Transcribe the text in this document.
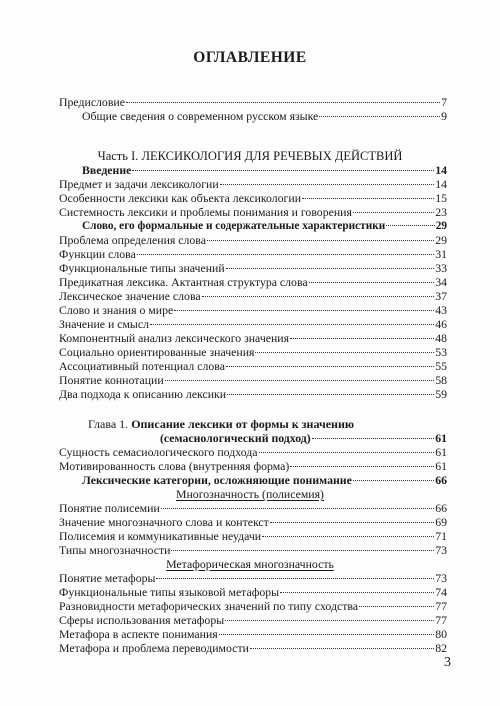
ОГЛАВЛЕНИЕ
Предисловие	7
Общие сведения о современном русском языке	9
Часть I. ЛЕКСИКОЛОГИЯ ДЛЯ РЕЧЕВЫХ ДЕЙСТВИЙ
Введение	14
Предмет и задачи лексикологии	14
Особенности лексики как объекта лексикологии	15
Системность лексики и проблемы понимания и говорения	23
Слово, его формальные и содержательные характеристики	29
Проблема определения слова	29
Функции слова	31
Функциональные типы значений	33
Предикатная лексика. Актантная структура слова	34
Лексическое значение слова	37
Слово и знания о мире	43
Значение и смысл	46
Компонентный анализ лексического значения	48
Социально ориентированные значения	53
Ассоциативный потенциал слова	55
Понятие коннотации	58
Два подхода к описанию лексики	59
Глава 1.
Описание лексики от формы к значению
(семасиологический подход)	61
Сущность семасиологического подхода	61
Мотивированность слова (внутренняя форма)	61
Лексические категории, осложняющие понимание	66
Многозначность (полисемия)
Понятие полисемии	66
Значение многозначного слова и контекст	69
Полисемия и коммуникативные неудачи	71
Типы многозначности	73
Метафорическая многозначность
Понятие метафоры	73
Функциональные типы языковой метафоры	74
Разновидности метафорических значений по типу сходства	77
Сферы использования метафоры	77
Метафора в аспекте понимания	80
Метафора и проблема переводимости	82
3
